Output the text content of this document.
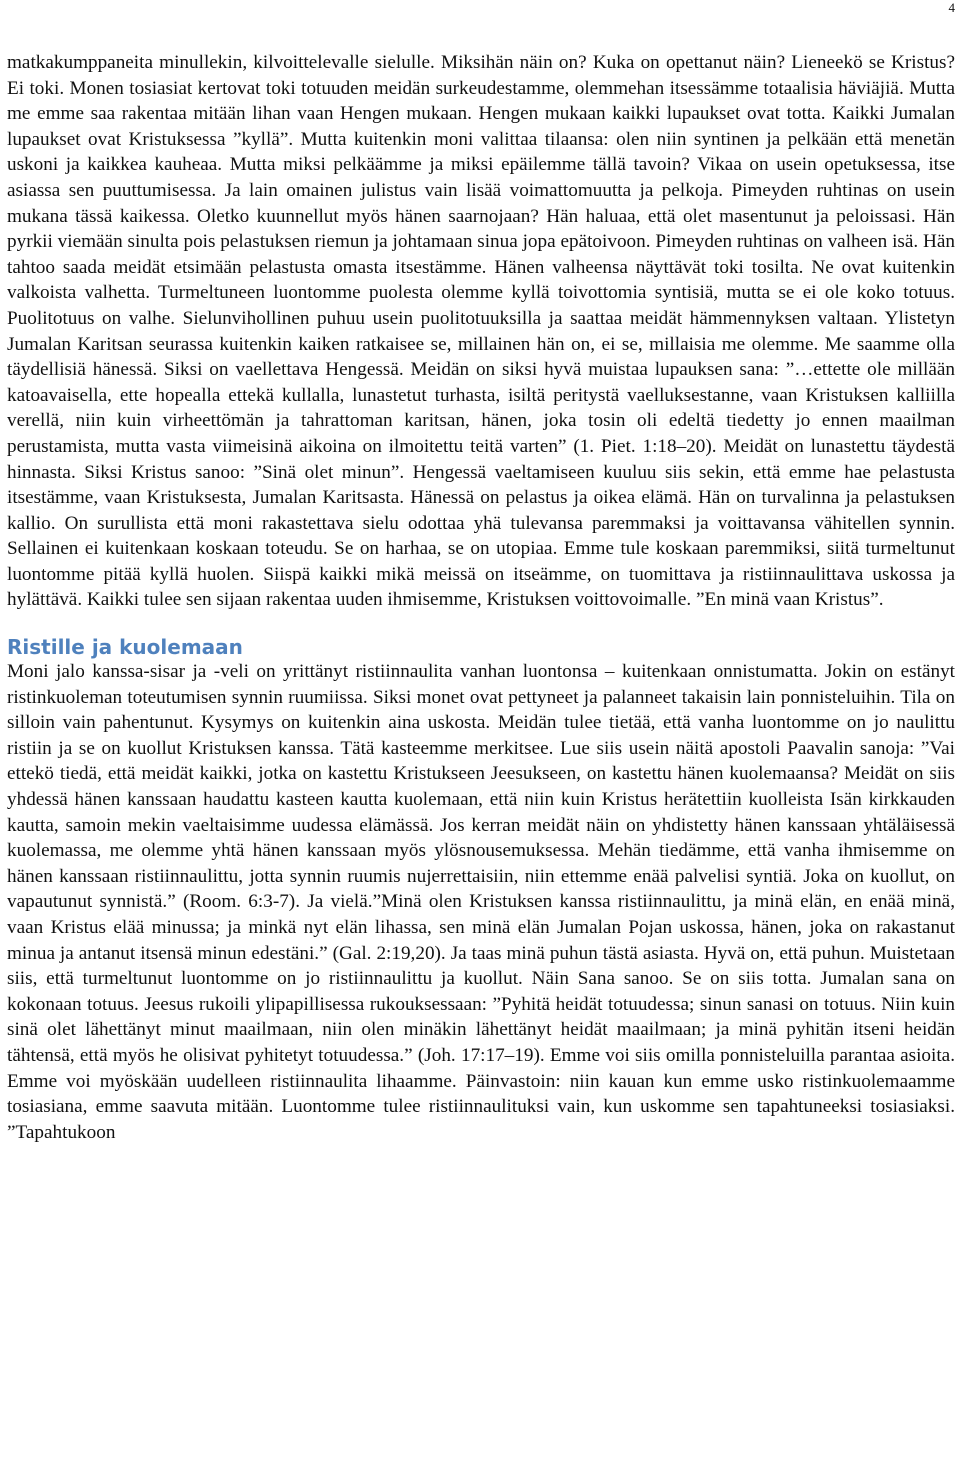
4

matkakumppaneita minullekin, kilvoittelevalle sielulle. Miksihän näin on? Kuka on opettanut näin? Lieneekö se Kristus? Ei toki. Monen tosiasiat kertovat toki totuuden meidän surkeudestamme, olemmehan itsessämme totaalisia häviäjiä. Mutta me emme saa rakentaa mitään lihan vaan Hengen mukaan. Hengen mukaan kaikki lupaukset ovat totta. Kaikki Jumalan lupaukset ovat Kristuksessa ”kyllä”. Mutta kuitenkin moni valittaa tilaansa: olen niin syntinen ja pelkään että menetän uskoni ja kaikkea kauheaa. Mutta miksi pelkäämme ja miksi epäilemme tällä tavoin? Vikaa on usein opetuksessa, itse asiassa sen puuttumisessa. Ja lain omainen julistus vain lisää voimattomuutta ja pelkoja. Pimeyden ruhtinas on usein mukana tässä kaikessa. Oletko kuunnellut myös hänen saarnojaan? Hän haluaa, että olet masentunut ja peloissasi. Hän pyrkii viemään sinulta pois pelastuksen riemun ja johtamaan sinua jopa epätoivoon. Pimeyden ruhtinas on valheen isä. Hän tahtoo saada meidät etsimään pelastusta omasta itsestämme. Hänen valheensa näyttävät toki tosilta. Ne ovat kuitenkin valkoista valhetta. Turmeltuneen luontomme puolesta olemme kyllä toivottomia syntisiä, mutta se ei ole koko totuus. Puolitotuus on valhe. Sielunvihollinen puhuu usein puolitotuuksilla ja saattaa meidät hämmennyksen valtaan. Ylistetyn Jumalan Karitsan seurassa kuitenkin kaiken ratkaisee se, millainen hän on, ei se, millaisia me olemme. Me saamme olla täydellisiä hänessä. Siksi on vaellettava Hengessä. Meidän on siksi hyvä muistaa lupauksen sana: ”…ettette ole millään katoavaisella, ette hopealla ettekä kullalla, lunastetut turhasta, isiltä peritystä vaelluksestanne, vaan Kristuksen kalliilla verellä, niin kuin virheettömän ja tahrattoman karitsan, hänen, joka tosin oli edeltä tiedetty jo ennen maailman perustamista, mutta vasta viimeisinä aikoina on ilmoitettu teitä varten” (1. Piet. 1:18–20). Meidät on lunastettu täydestä hinnasta. Siksi Kristus sanoo: ”Sinä olet minun”. Hengessä vaeltamiseen kuuluu siis sekin, että emme hae pelastusta itsestämme, vaan Kristuksesta, Jumalan Karitsasta. Hänessä on pelastus ja oikea elämä. Hän on turvalinna ja pelastuksen kallio. On surullista että moni rakastettava sielu odottaa yhä tulevansa paremmaksi ja voittavansa vähitellen synnin. Sellainen ei kuitenkaan koskaan toteudu. Se on harhaa, se on utopiaa. Emme tule koskaan paremmiksi, siitä turmeltunut luontomme pitää kyllä huolen. Siispä kaikki mikä meissä on itseämme, on tuomittava ja ristiinnaulittava uskossa ja hylättävä. Kaikki tulee sen sijaan rakentaa uuden ihmisemme, Kristuksen voittovoimalle. ”En minä vaan Kristus”.

Ristille ja kuolemaan

Moni jalo kanssa-sisar ja -veli on yrittänyt ristiinnaulita vanhan luontonsa – kuitenkaan onnistumatta. Jokin on estänyt ristinkuoleman toteutumisen synnin ruumiissa. Siksi monet ovat pettyneet ja palanneet takaisin lain ponnisteluihin. Tila on silloin vain pahentunut. Kysymys on kuitenkin aina uskosta. Meidän tulee tietää, että vanha luontomme on jo naulittu ristiin ja se on kuollut Kristuksen kanssa. Tätä kasteemme merkitsee. Lue siis usein näitä apostoli Paavalin sanoja: ”Vai ettekö tiedä, että meidät kaikki, jotka on kastettu Kristukseen Jeesukseen, on kastettu hänen kuolemaansa? Meidät on siis yhdessä hänen kanssaan haudattu kasteen kautta kuolemaan, että niin kuin Kristus herätettiin kuolleista Isän kirkkauden kautta, samoin mekin vaeltaisimme uudessa elämässä. Jos kerran meidät näin on yhdistetty hänen kanssaan yhtäläisessä kuolemassa, me olemme yhtä hänen kanssaan myös ylösnousemuksessa. Mehän tiedämme, että vanha ihmisemme on hänen kanssaan ristiinnaulittu, jotta synnin ruumis nujerrettaisiin, niin ettemme enää palvelisi syntiä. Joka on kuollut, on vapautunut synnistä.” (Room. 6:3-7). Ja vielä.”Minä olen Kristuksen kanssa ristiinnaulittu, ja minä elän, en enää minä, vaan Kristus elää minussa; ja minkä nyt elän lihassa, sen minä elän Jumalan Pojan uskossa, hänen, joka on rakastanut minua ja antanut itsensä minun edestäni.” (Gal. 2:19,20). Ja taas minä puhun tästä asiasta. Hyvä on, että puhun. Muistetaan siis, että turmeltunut luontomme on jo ristiinnaulittu ja kuollut. Näin Sana sanoo. Se on siis totta. Jumalan sana on kokonaan totuus. Jeesus rukoili ylipapillisessa rukouksessaan: ”Pyhitä heidät totuudessa; sinun sanasi on totuus. Niin kuin sinä olet lähettänyt minut maailmaan, niin olen minäkin lähettänyt heidät maailmaan; ja minä pyhitän itseni heidän tähtensä, että myös he olisivat pyhitetyt totuudessa.” (Joh. 17:17–19). Emme voi siis omilla ponnisteluilla parantaa asioita. Emme voi myöskään uudelleen ristiinnaulita lihaamme. Päinvastoin: niin kauan kun emme usko ristinkuolemaamme tosiasiana, emme saavuta mitään. Luontomme tulee ristiinnaulituksi vain, kun uskomme sen tapahtuneeksi tosiasiaksi. ”Tapahtukoon
